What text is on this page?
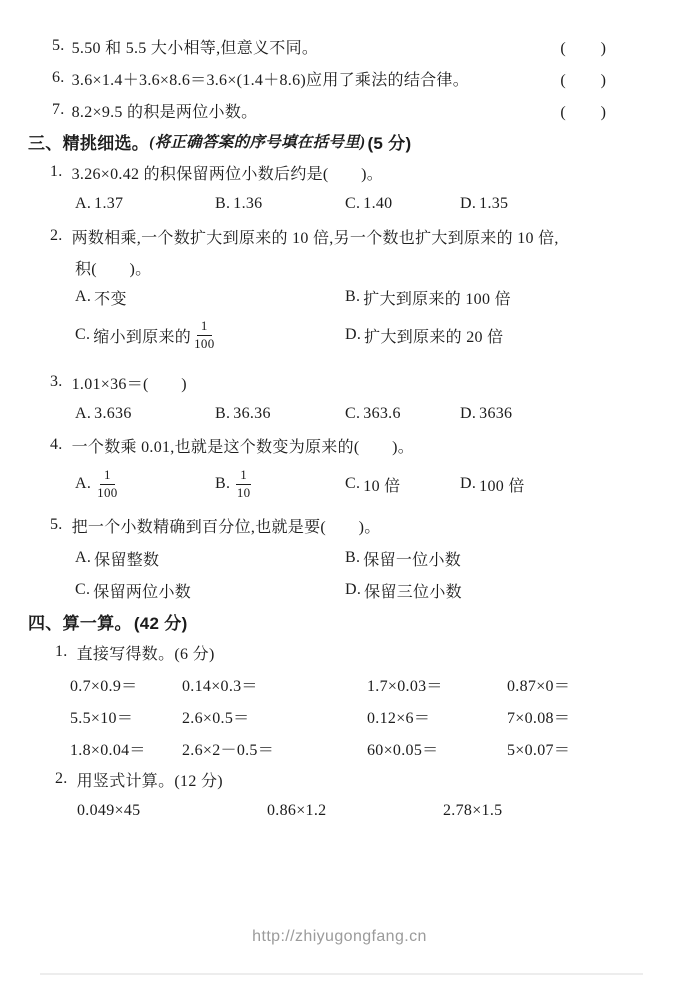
5. 5.50 和 5.5 大小相等,但意义不同。	(　　)
6. 3.6×1.4＋3.6×8.6＝3.6×(1.4＋8.6)应用了乘法的结合律。	(　　)
7. 8.2×9.5 的积是两位小数。	(　　)
三、精挑细选。 (将正确答案的序号填在括号里) (5 分)
1. 3.26×0.42 的积保留两位小数后约是(　　)。
A. 1.37	B. 1.36	C. 1.40	D. 1.35
2. 两数相乘,一个数扩大到原来的 10 倍,另一个数也扩大到原来的 10 倍,
积(　　)。
A. 不变	B. 扩大到原来的 100 倍
C. 缩小到原来的 $\frac{1}{100}$	D. 扩大到原来的 20 倍
3. 1.01×36＝(　　)
A. 3.636	B. 36.36	C. 363.6	D. 3636
4. 一个数乘 0.01,也就是这个数变为原来的(　　)。
A. $\frac{1}{100}$	B. $\frac{1}{10}$	C. 10 倍	D. 100 倍
5. 把一个小数精确到百分位,也就是要(　　)。
A. 保留整数	B. 保留一位小数
C. 保留两位小数	D. 保留三位小数
四、算一算。 (42 分)
1. 直接写得数。(6 分)
0.7×0.9＝	0.14×0.3＝	1.7×0.03＝	0.87×0＝
5.5×10＝	2.6×0.5＝	0.12×6＝	7×0.08＝
1.8×0.04＝	2.6×2－0.5＝	60×0.05＝	5×0.07＝
2. 用竖式计算。(12 分)
0.049×45	0.86×1.2	2.78×1.5
http://zhiyugongfang.cn
